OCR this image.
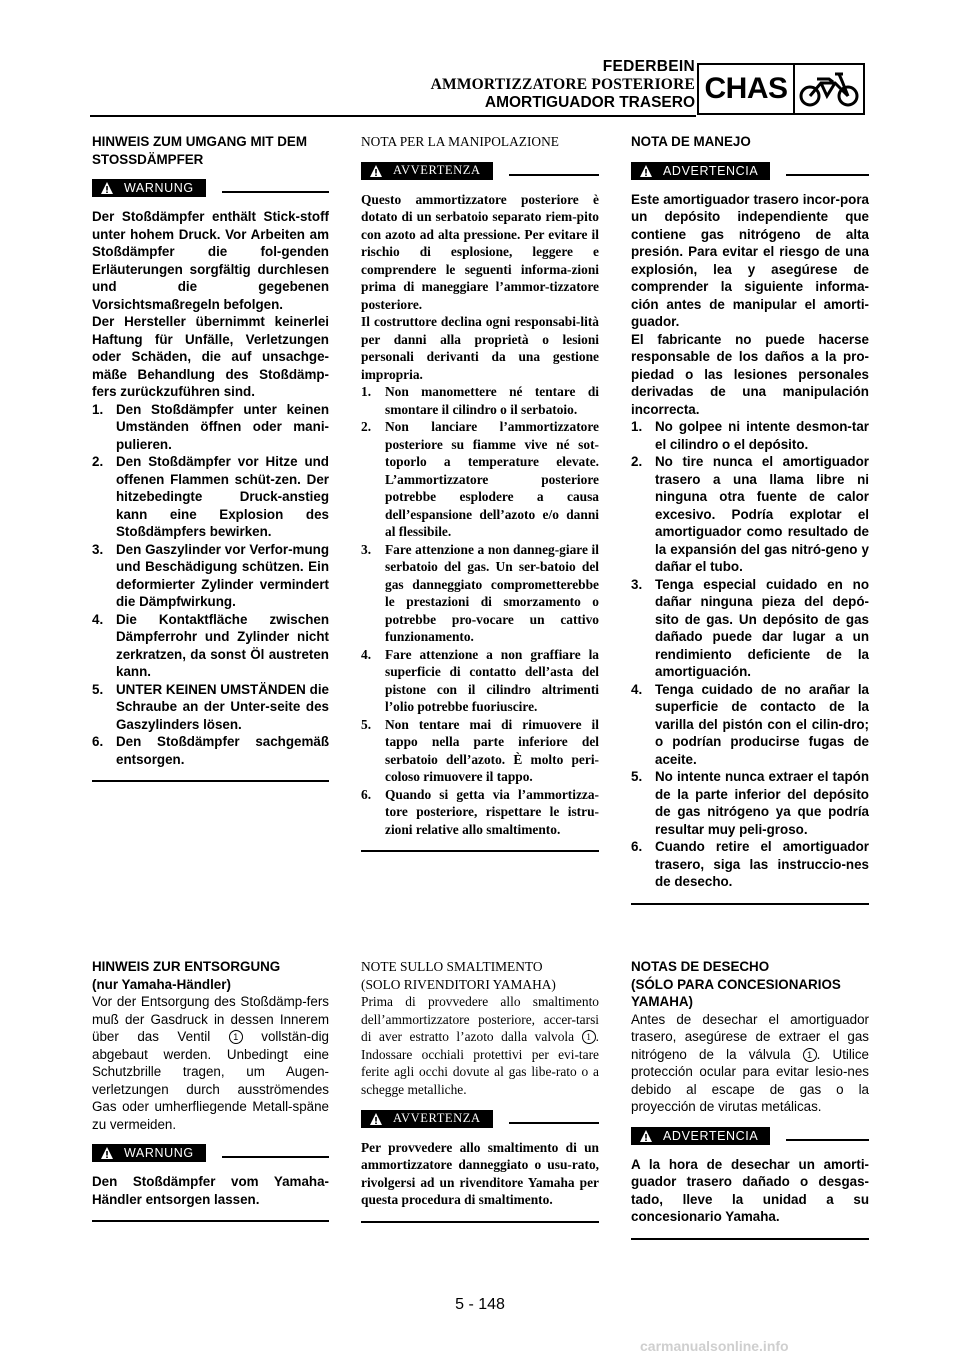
FEDERBEIN
AMMORTIZZATORE POSTERIORE
AMORTIGUADOR TRASERO CHAS
HINWEIS ZUM UMGANG MIT DEM STOSSDÄMPFER
WARNUNG

Der Stoßdämpfer enthält Stick-stoff unter hohem Druck. Vor Arbeiten am Stoßdämpfer die fol-genden Erläuterungen sorgfältig durchlesen und die gegebenen Vorsichtsmaßregeln befolgen.

Der Hersteller übernimmt keinerlei Haftung für Unfälle, Verletzungen oder Schäden, die auf unsachge-mäße Behandlung des Stoßdämp-fers zurückzuführen sind.

1. Den Stoßdämpfer unter keinen Umständen öffnen oder mani-pulieren.
2. Den Stoßdämpfer vor Hitze und offenen Flammen schüt-zen. Der hitzebedingte Druck-anstieg kann eine Explosion des Stoßdämpfers bewirken.
3. Den Gaszylinder vor Verfor-mung und Beschädigung schützen. Ein deformierter Zylinder vermindert die Dämpfwirkung.
4. Die Kontaktfläche zwischen Dämpferrohr und Zylinder nicht zerkratzen, da sonst Öl austreten kann.
5. UNTER KEINEN UMSTÄNDEN die Schraube an der Unter-seite des Gaszylinders lösen.
6. Den Stoßdämpfer sachgemäß entsorgen.
HINWEIS ZUR ENTSORGUNG
(nur Yamaha-Händler)

Vor der Entsorgung des Stoßdämp-fers muß der Gasdruck in dessen Innerem über das Ventil	1 vollstän-dig abgebaut werden. Unbedingt eine Schutzbrille tragen, um Augen-verletzungen durch ausströmendes Gas oder umherfliegende Metall-späne zu vermeiden.

WARNUNG

Den Stoßdämpfer vom Yamaha-Händler entsorgen lassen.

NOTA PER LA MANIPOLAZIONE
AVVERTENZA

Questo ammortizzatore posteriore è dotato di un serbatoio separato riem-pito con azoto ad alta pressione. Per evitare il rischio di esplosione, leggere e comprendere le seguenti informa-zioni prima di maneggiare l’ammor-tizzatore posteriore.

Il costruttore declina ogni responsabi-lità per danni alla proprietà o lesioni personali derivanti da una gestione impropria.

1.	Non manomettere né tentare di smontare il cilindro o il serbatoio.
2.	Non lanciare l’ammortizzatore posteriore su fiamme vive né sot-toporlo a temperature elevate. L’ammortizzatore posteriore potrebbe esplodere a causa dell’espansione dell’azoto e/o danni al flessibile.
3.	Fare attenzione a non danneg-giare il serbatoio del gas. Un ser-batoio del gas danneggiato comprometterebbe le prestazioni di smorzamento o potrebbe pro-vocare un cattivo funzionamento.
4.	Fare attenzione a non graffiare la superficie di contatto dell’asta del pistone con il cilindro altrimenti l’olio potrebbe fuoriuscire.
5.	Non tentare mai di rimuovere il tappo nella parte inferiore del serbatoio dell’azoto. È molto peri-coloso rimuovere il tappo.
6.	Quando si getta via l’ammortizza-tore posteriore, rispettare le istru-zioni relative allo smaltimento.
NOTE SULLO SMALTIMENTO
(SOLO RIVENDITORI YAMAHA)

Prima di provvedere allo smaltimento dell’ammortizzatore posteriore, accer-tarsi di aver estratto l’azoto dalla valvola 1 . Indossare occhiali protettivi per evi-tare ferite agli occhi dovute al gas libe-rato o a schegge metalliche.

AVVERTENZA

Per provvedere allo smaltimento di un ammortizzatore danneggiato o usu-rato, rivolgersi ad un rivenditore Yamaha per questa procedura di smaltimento.

NOTA DE MANEJO
ADVERTENCIA

Este amortiguador trasero incor-pora un depósito independiente que contiene gas nitrógeno de alta presión. Para evitar el riesgo de una explosión, lea y asegúrese de comprender la siguiente informa-ción antes de manipular el amorti-guador.

El fabricante no puede hacerse responsable de los daños a la pro-piedad o las lesiones personales derivadas de una manipulación incorrecta.

1. No golpee ni intente desmon-tar el cilindro o el depósito.
2. No tire nunca el amortiguador trasero a una llama libre ni ninguna otra fuente de calor excesivo. Podría explotar el amortiguador como resultado de la expansión del gas nitró-geno y dañar el tubo.
3. Tenga especial cuidado en no dañar ninguna pieza del depó-sito de gas. Un depósito de gas dañado puede dar lugar a un rendimiento deficiente de la amortiguación.
4. Tenga cuidado de no arañar la superficie de contacto de la varilla del pistón con el cilin-dro; o podrían producirse fugas de aceite.
5. No intente nunca extraer el tapón de la parte inferior del depósito de gas nitrógeno ya que podría resultar muy peli-groso.
6. Cuando retire el amortiguador trasero, siga las instruccio-nes de desecho.
NOTAS DE DESECHO
(SÓLO PARA CONCESIONARIOS YAMAHA)

Antes de desechar el amortiguador trasero, asegúrese de extraer el gas nitrógeno de la válvula 1 . Utilice protección ocular para evitar lesio-nes debido al escape de gas o la proyección de virutas metálicas.

ADVERTENCIA

A la hora de desechar un amorti-guador trasero dañado o desgas-tado, lleve la unidad a su concesionario Yamaha.

5 - 148
carmanualsonline.info
